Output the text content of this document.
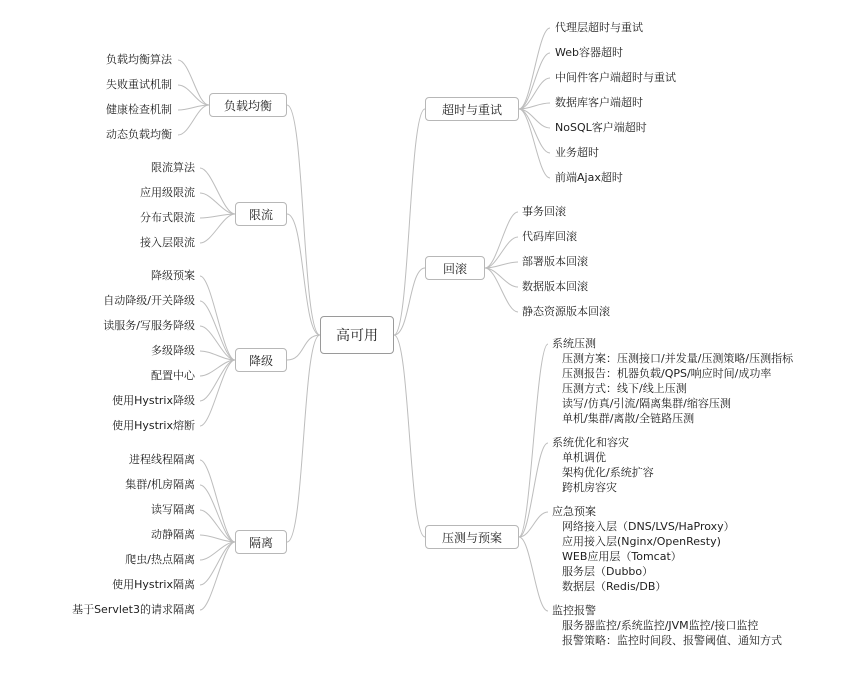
高可用
负载均衡
限流
降级
隔离
超时与重试
回滚
压测与预案
负载均衡算法
失败重试机制
健康检查机制
动态负载均衡
限流算法
应用级限流
分布式限流
接入层限流
降级预案
自动降级/开关降级
读服务/写服务降级
多级降级
配置中心
使用Hystrix降级
使用Hystrix熔断
进程线程隔离
集群/机房隔离
读写隔离
动静隔离
爬虫/热点隔离
使用Hystrix隔离
基于Servlet3的请求隔离
代理层超时与重试
Web容器超时
中间件客户端超时与重试
数据库客户端超时
NoSQL客户端超时
业务超时
前端Ajax超时
事务回滚
代码库回滚
部署版本回滚
数据版本回滚
静态资源版本回滚
系统压测
压测方案：压测接口/并发量/压测策略/压测指标
压测报告：机器负载/QPS/响应时间/成功率
压测方式：线下/线上压测
读写/仿真/引流/隔离集群/缩容压测
单机/集群/离散/全链路压测
系统优化和容灾
单机调优
架构优化/系统扩容
跨机房容灾
应急预案
网络接入层（DNS/LVS/HaProxy）
应用接入层(Nginx/OpenResty)
WEB应用层（Tomcat）
服务层（Dubbo）
数据层（Redis/DB）
监控报警
服务器监控/系统监控/JVM监控/接口监控
报警策略：监控时间段、报警阈值、通知方式
